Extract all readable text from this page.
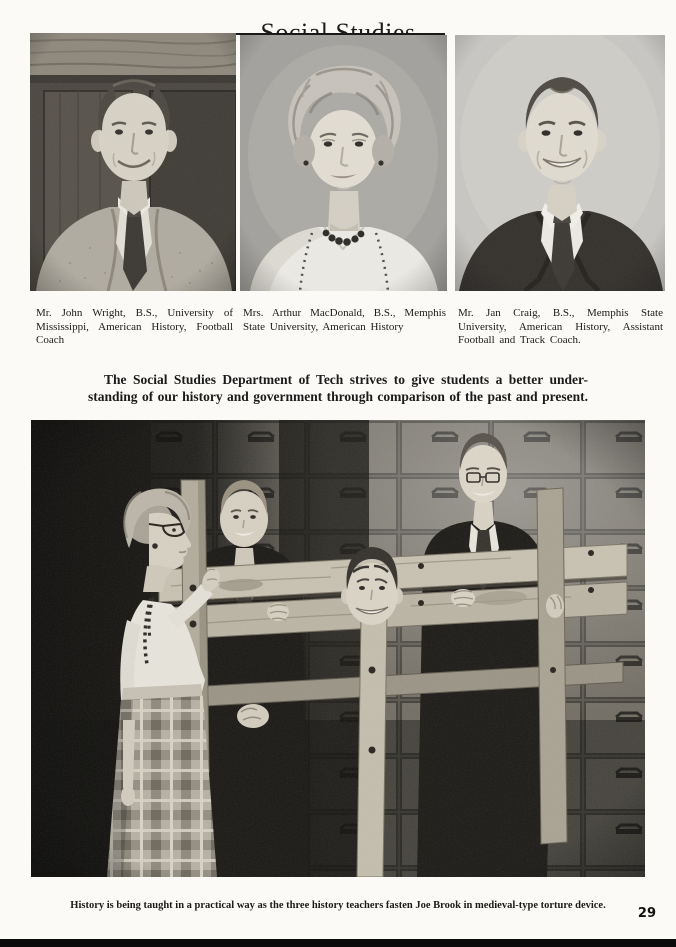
Mr. John Wright, B.S., University of Mississippi, American History, Football Coach

Mrs. Arthur MacDonald, B.S., Memphis State University, American History

Mr. Jan Craig, B.S., Memphis State University, American History, Assistant Football and Track Coach.

The Social Studies Department of Tech strives to give students a better under-
standing of our history and government through comparison of the past and present.

History is being taught in a practical way as the three history teachers fasten Joe Brook in medieval-type torture device.

29
